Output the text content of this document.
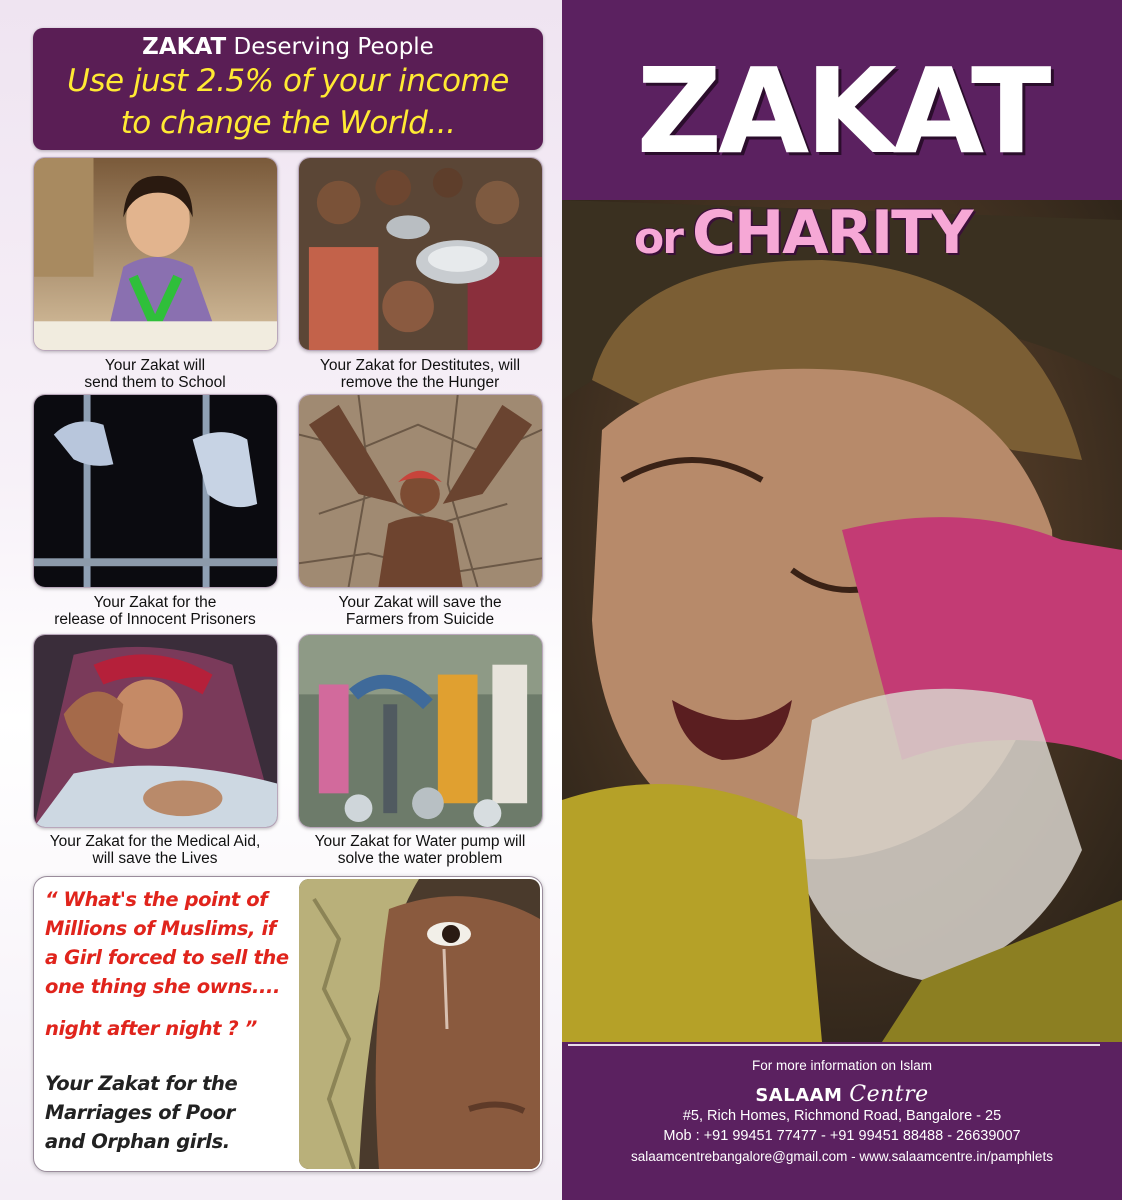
ZAKAT Deserving People
Use just 2.5% of your income
to change the World...
Your Zakat will
send them to School
Your Zakat for Destitutes, will
remove the the Hunger
Your Zakat for the
release of Innocent Prisoners
Your Zakat will save the
Farmers from Suicide
Your Zakat for the Medical Aid,
will save the Lives
Your Zakat for Water pump will
solve the water problem
“ What's the point of
Millions of Muslims, if
a Girl forced to sell the
one thing she owns....
night after night ? ”
Your Zakat for the
Marriages of Poor
and Orphan girls.
ZAKAT
or CHARITY
For more information on Islam
SALAAM Centre
#5, Rich Homes, Richmond Road, Bangalore - 25
Mob : +91 99451 77477 - +91 99451 88488 - 26639007
salaamcentrebangalore@gmail.com - www.salaamcentre.in/pamphlets
